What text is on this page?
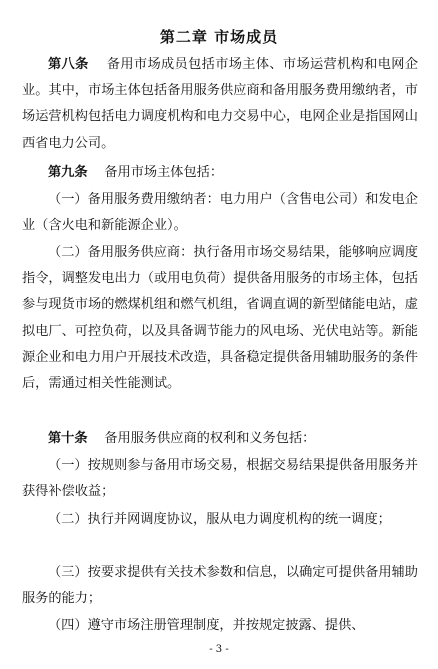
第二章 市场成员

第八条    备用市场成员包括市场主体、市场运营机构和电网企业。其中，市场主体包括备用服务供应商和备用服务费用缴纳者，市场运营机构包括电力调度机构和电力交易中心，电网企业是指国网山西省电力公司。

第九条    备用市场主体包括：

（一）备用服务费用缴纳者：电力用户（含售电公司）和发电企业（含火电和新能源企业）。

（二）备用服务供应商：执行备用市场交易结果，能够响应调度指令，调整发电出力（或用电负荷）提供备用服务的市场主体，包括参与现货市场的燃煤机组和燃气机组，省调直调的新型储能电站，虚拟电厂、可控负荷，以及具备调节能力的风电场、光伏电站等。新能源企业和电力用户开展技术改造，具备稳定提供备用辅助服务的条件后，需通过相关性能测试。

第十条    备用服务供应商的权利和义务包括：

（一）按规则参与备用市场交易，根据交易结果提供备用服务并获得补偿收益；

（二）执行并网调度协议，服从电力调度机构的统一调度；

（三）按要求提供有关技术参数和信息，以确定可提供备用辅助服务的能力；

（四）遵守市场注册管理制度，并按规定披露、提供、

- 3 -
